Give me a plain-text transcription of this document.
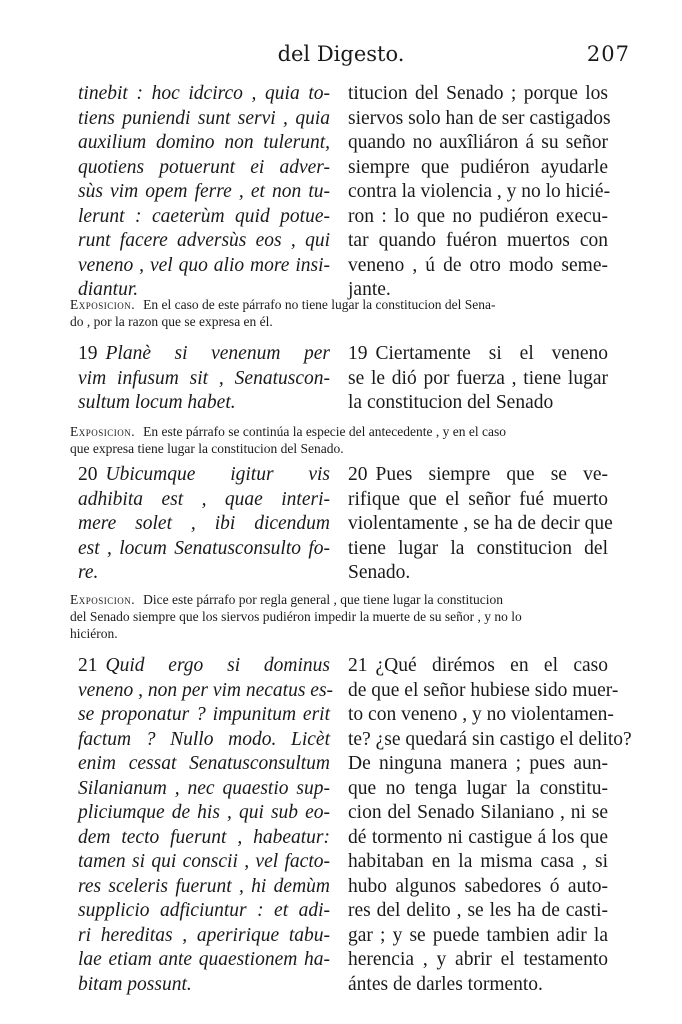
del Digesto.	207
tinebit : hoc idcirco , quia to-
tiens puniendi sunt servi , quia
auxilium domino non tulerunt,
quotiens potuerunt ei adver-
sùs vim opem ferre , et non tu-
lerunt : caeterùm quid potue-
runt facere adversùs eos , qui
veneno , vel quo alio more insi-
diantur.
titucion del Senado ; porque los
siervos solo han de ser castigados
quando no auxîliáron á su señor
siempre que pudiéron ayudarle
contra la violencia , y no lo hicié-
ron : lo que no pudiéron execu-
tar quando fuéron muertos con
veneno , ú de otro modo seme-
jante.
Exposicion. En el caso de este párrafo no tiene lugar la constitucion del Sena-
do , por la razon que se expresa en él.
19 Planè si venenum per
vim infusum sit , Senatuscon-
sultum locum habet.
19 Ciertamente si el veneno
se le dió por fuerza , tiene lugar
la constitucion del Senado
Exposicion. En este párrafo se continúa la especie del antecedente , y en el caso
que expresa tiene lugar la constitucion del Senado.
20 Ubicumque igitur vis
adhibita est , quae interi-
mere solet , ibi dicendum
est , locum Senatusconsulto fo-
re.
20 Pues siempre que se ve-
rifique que el señor fué muerto
violentamente , se ha de decir que
tiene lugar la constitucion del
Senado.
Exposicion. Dice este párrafo por regla general , que tiene lugar la constitucion
del Senado siempre que los siervos pudiéron impedir la muerte de su señor , y no lo
hiciéron.
21 Quid ergo si dominus
veneno , non per vim necatus es-
se proponatur ? impunitum erit
factum ? Nullo modo. Licèt
enim cessat Senatusconsultum
Silanianum , nec quaestio sup-
pliciumque de his , qui sub eo-
dem tecto fuerunt , habeatur:
tamen si qui conscii , vel facto-
res sceleris fuerunt , hi demùm
supplicio adficiuntur : et adi-
ri hereditas , aperirique tabu-
lae etiam ante quaestionem ha-
bitam possunt.
21 ¿Qué dirémos en el caso
de que el señor hubiese sido muer-
to con veneno , y no violentamen-
te? ¿se quedará sin castigo el delito?
De ninguna manera ; pues aun-
que no tenga lugar la constitu-
cion del Senado Silaniano , ni se
dé tormento ni castigue á los que
habitaban en la misma casa , si
hubo algunos sabedores ó auto-
res del delito , se les ha de casti-
gar ; y se puede tambien adir la
herencia , y abrir el testamento
ántes de darles tormento.
